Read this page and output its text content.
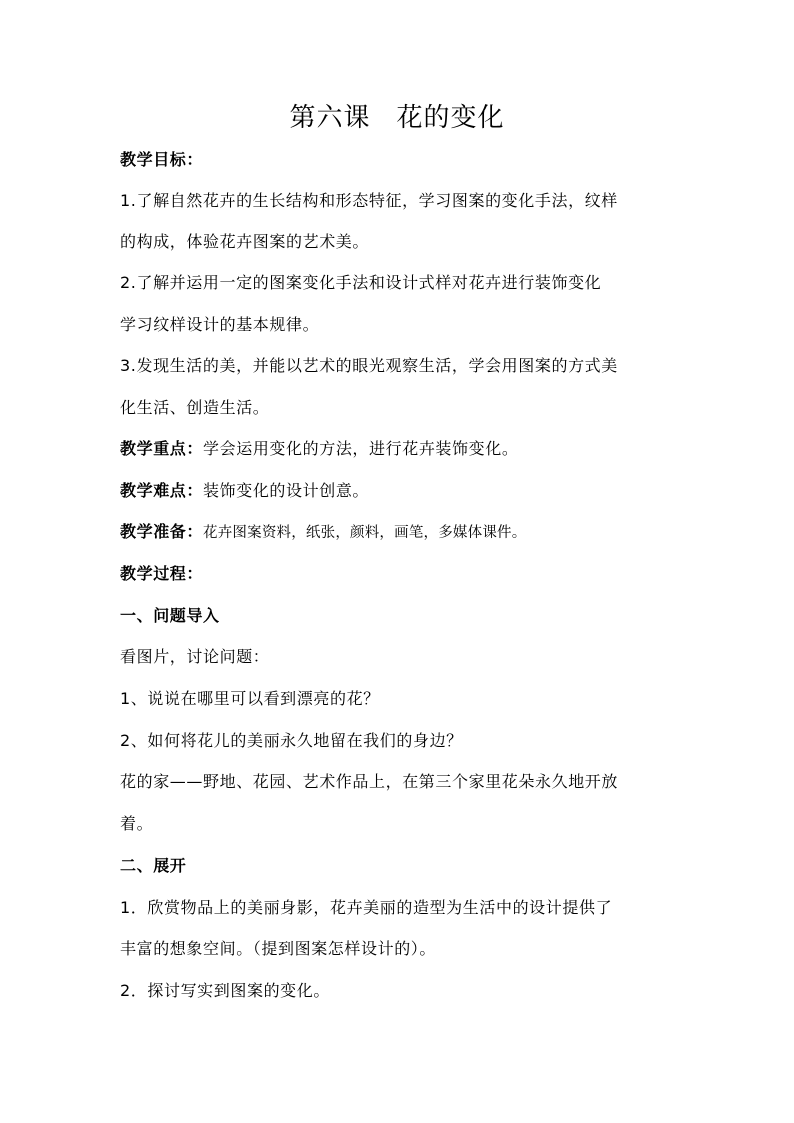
第六课 花的变化
教学目标：
1.了解自然花卉的生长结构和形态特征，学习图案的变化手法，纹样
的构成，体验花卉图案的艺术美。
2.了解并运用一定的图案变化手法和设计式样对花卉进行装饰变化
学习纹样设计的基本规律。
3.发现生活的美，并能以艺术的眼光观察生活，学会用图案的方式美
化生活、创造生活。
教学重点：学会运用变化的方法，进行花卉装饰变化。
教学难点：装饰变化的设计创意。
教学准备：花卉图案资料，纸张，颜料，画笔，多媒体课件。
教学过程：
一、问题导入
看图片，讨论问题：
1、说说在哪里可以看到漂亮的花？
2、如何将花儿的美丽永久地留在我们的身边？
花的家——野地、花园、艺术作品上，在第三个家里花朵永久地开放
着。
二、展开
1．欣赏物品上的美丽身影，花卉美丽的造型为生活中的设计提供了
丰富的想象空间。（提到图案怎样设计的）。
2．探讨写实到图案的变化。
